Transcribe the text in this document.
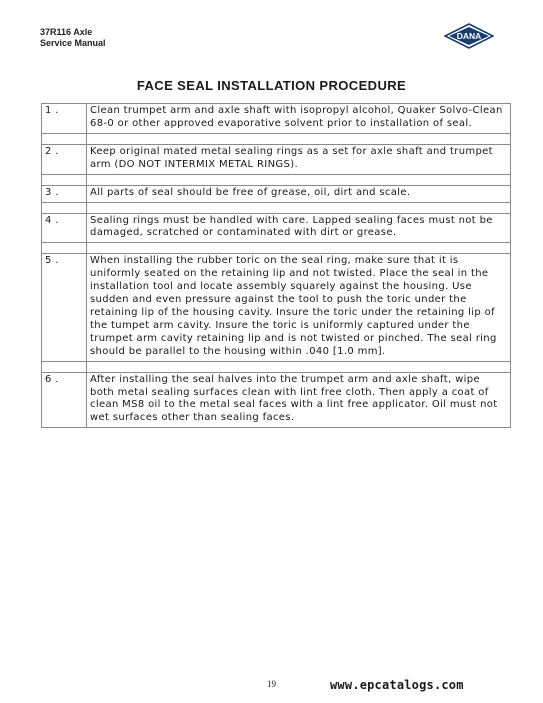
37R116 Axle
Service Manual
DANA
FACE SEAL INSTALLATION PROCEDURE
1 .	Clean trumpet arm and axle shaft with isopropyl alcohol, Quaker Solvo-Clean 68-0 or other approved evaporative solvent prior to installation of seal.

2 .	Keep original mated metal sealing rings as a set for axle shaft and trumpet arm (DO NOT INTERMIX METAL RINGS).

3 .	All parts of seal should be free of grease, oil, dirt and scale.

4 .	Sealing rings must be handled with care. Lapped sealing faces must not be damaged, scratched or contaminated with dirt or grease.

5 .	When installing the rubber toric on the seal ring, make sure that it is uniformly seated on the retaining lip and not twisted. Place the seal in the installation tool and locate assembly squarely against the housing. Use sudden and even pressure against the tool to push the toric under the retaining lip of the housing cavity. Insure the toric under the retaining lip of the tumpet arm cavity. Insure the toric is uniformly captured under the trumpet arm cavity retaining lip and is not twisted or pinched. The seal ring should be parallel to the housing within .040 [1.0 mm].

6 .	After installing the seal halves into the trumpet arm and axle shaft, wipe both metal sealing surfaces clean with lint free cloth. Then apply a coat of clean MS8 oil to the metal seal faces with a lint free applicator. Oil must not wet surfaces other than sealing faces.
19	www.epcatalogs.com
